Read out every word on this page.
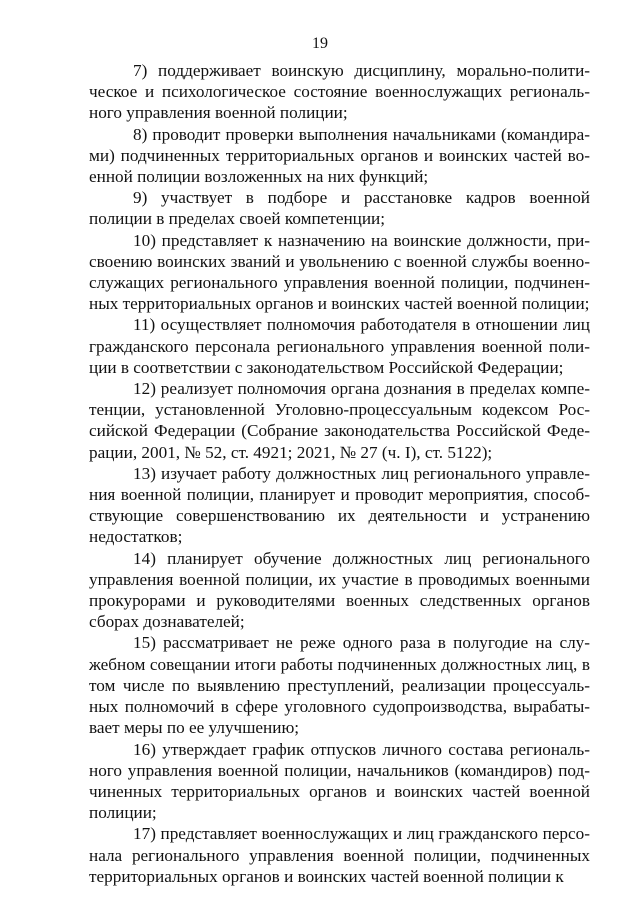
19

7) поддерживает воинскую дисциплину, морально-политическое и психологическое состояние военнослужащих регионального управления военной полиции;

8) проводит проверки выполнения начальниками (командирами) подчиненных территориальных органов и воинских частей военной полиции возложенных на них функций;

9) участвует в подборе и расстановке кадров военной полиции в пределах своей компетенции;

10) представляет к назначению на воинские должности, присвоению воинских званий и увольнению с военной службы военнослужащих регионального управления военной полиции, подчиненных территориальных органов и воинских частей военной полиции;

11) осуществляет полномочия работодателя в отношении лиц гражданского персонала регионального управления военной полиции в соответствии с законодательством Российской Федерации;

12) реализует полномочия органа дознания в пределах компетенции, установленной Уголовно-процессуальным кодексом Российской Федерации (Собрание законодательства Российской Федерации, 2001, № 52, ст. 4921; 2021, № 27 (ч. I), ст. 5122);

13) изучает работу должностных лиц регионального управления военной полиции, планирует и проводит мероприятия, способствующие совершенствованию их деятельности и устранению недостатков;

14) планирует обучение должностных лиц регионального управления военной полиции, их участие в проводимых военными прокурорами и руководителями военных следственных органов сборах дознавателей;

15) рассматривает не реже одного раза в полугодие на служебном совещании итоги работы подчиненных должностных лиц, в том числе по выявлению преступлений, реализации процессуальных полномочий в сфере уголовного судопроизводства, вырабатывает меры по ее улучшению;

16) утверждает график отпусков личного состава регионального управления военной полиции, начальников (командиров) подчиненных территориальных органов и воинских частей военной полиции;

17) представляет военнослужащих и лиц гражданского персонала регионального управления военной полиции, подчиненных территориальных органов и воинских частей военной полиции к
